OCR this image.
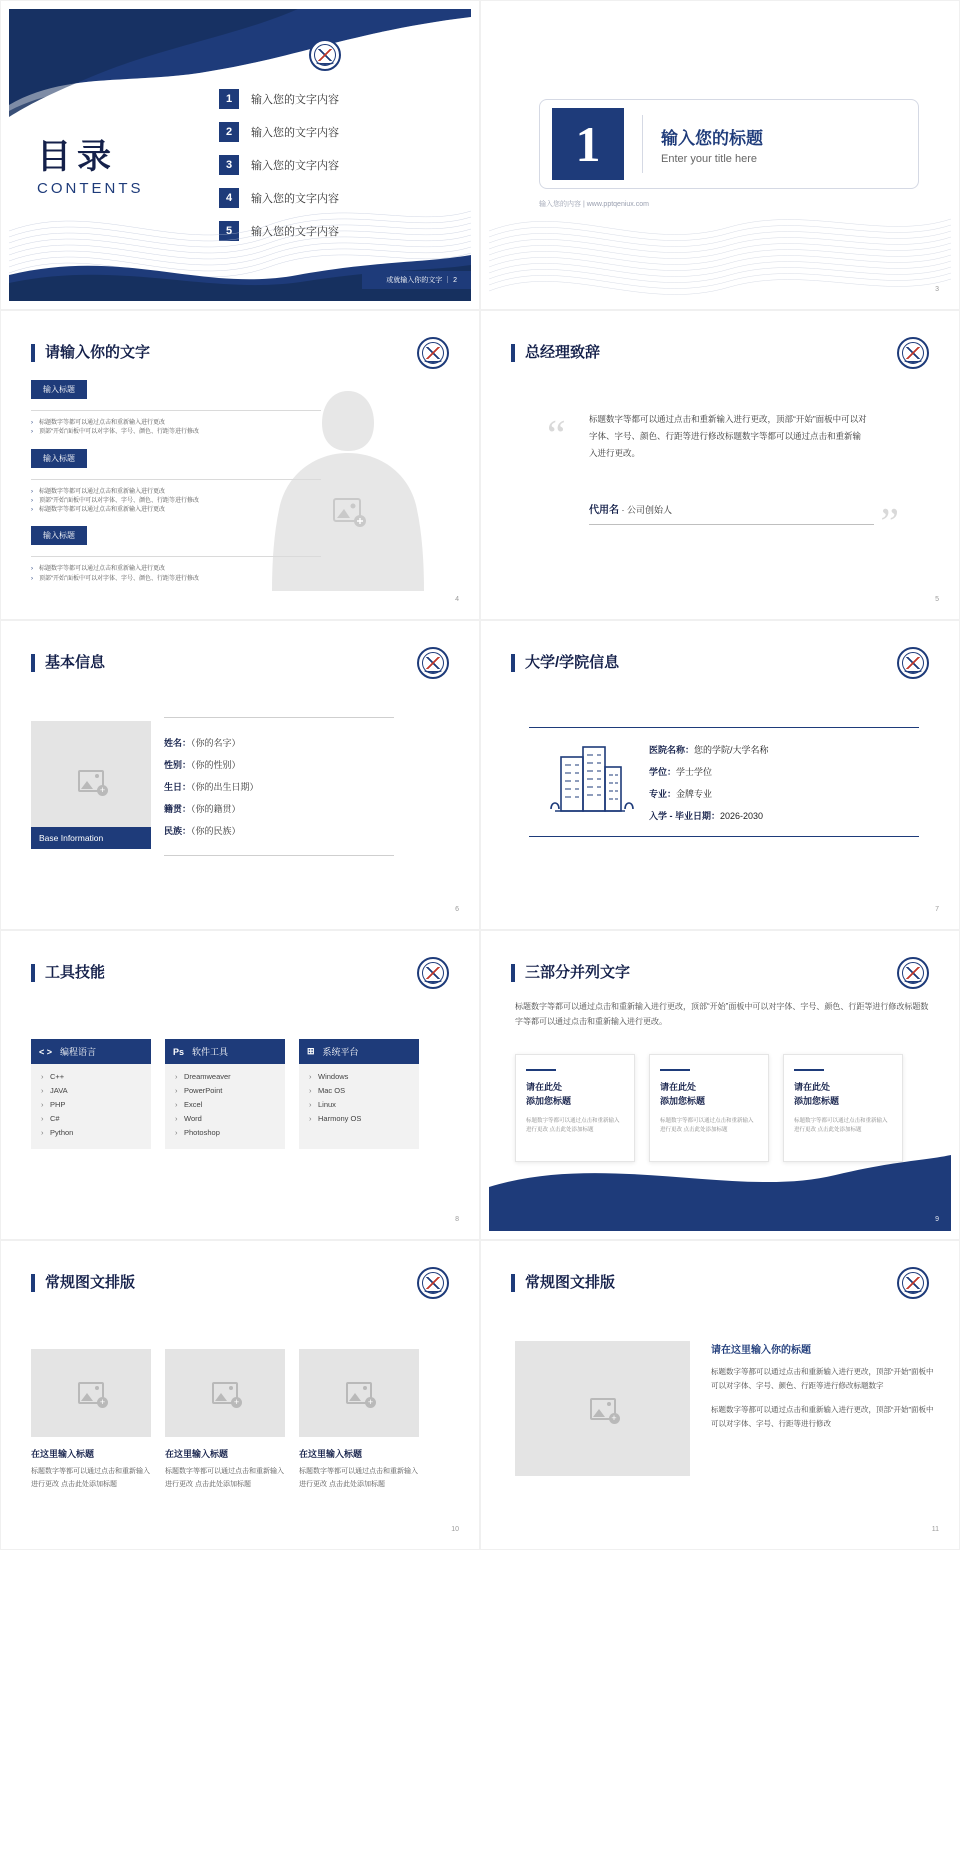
目录
CONTENTS
1	输入您的文字内容
2	输入您的文字内容
3	输入您的文字内容
4	输入您的文字内容
5	输入您的文字内容
或就输入你的文字 ｜ 2
1	输入您的标题
Enter your title here
输入您的内容 | www.pptqeniux.com
3
请输入你的文字
输入标题
› 标题数字等都可以通过点击和重新输入进行更改
› 顶部“开始”面板中可以对字体、字号、颜色、行距等进行修改
输入标题
› 标题数字等都可以通过点击和重新输入进行更改
› 顶部“开始”面板中可以对字体、字号、颜色、行距等进行修改
› 标题数字等都可以通过点击和重新输入进行更改
输入标题
› 标题数字等都可以通过点击和重新输入进行更改
› 顶部“开始”面板中可以对字体、字号、颜色、行距等进行修改
4
总经理致辞
“	标题数字等都可以通过点击和重新输入进行更改，顶部“开始”面板中可以对字体、字号、颜色、行距等进行修改标题数字等都可以通过点击和重新输入进行更改。
代用名 · 公司创始人	”
5
基本信息
+
Base Information
姓名：（你的名字）
性别：（你的性别）
生日：（你的出生日期）
籍贯：（你的籍贯）
民族：（你的民族）
6
大学/学院信息
医院名称：您的学院/大学名称
学位：学士学位
专业：金牌专业
入学 - 毕业日期：2026-2030
7
工具技能
< > 编程语言
› C++
› JAVA
› PHP
› C#
› Python
Ps 软件工具
› Dreamweaver
› PowerPoint
› Excel
› Word
› Photoshop
⊞ 系统平台
› Windows
› Mac OS
› Linux
› Harmony OS
8
三部分并列文字
标题数字等都可以通过点击和重新输入进行更改，顶部“开始”面板中可以对字体、字号、颜色、行距等进行修改标题数字等都可以通过点击和重新输入进行更改。
请在此处
添加您标题
标题数字等都可以通过点击和重新输入进行更改 点击此处添加标题
请在此处
添加您标题
标题数字等都可以通过点击和重新输入进行更改 点击此处添加标题
请在此处
添加您标题
标题数字等都可以通过点击和重新输入进行更改 点击此处添加标题
9
常规图文排版
+
在这里输入标题
标题数字等都可以通过点击和重新输入进行更改 点击此处添加标题
+
在这里输入标题
标题数字等都可以通过点击和重新输入进行更改 点击此处添加标题
+
在这里输入标题
标题数字等都可以通过点击和重新输入进行更改 点击此处添加标题
10
常规图文排版
+
请在这里输入你的标题
标题数字等都可以通过点击和重新输入进行更改，顶部“开始”面板中可以对字体、字号、颜色、行距等进行修改标题数字
标题数字等都可以通过点击和重新输入进行更改，顶部“开始”面板中可以对字体、字号、行距等进行修改
11
